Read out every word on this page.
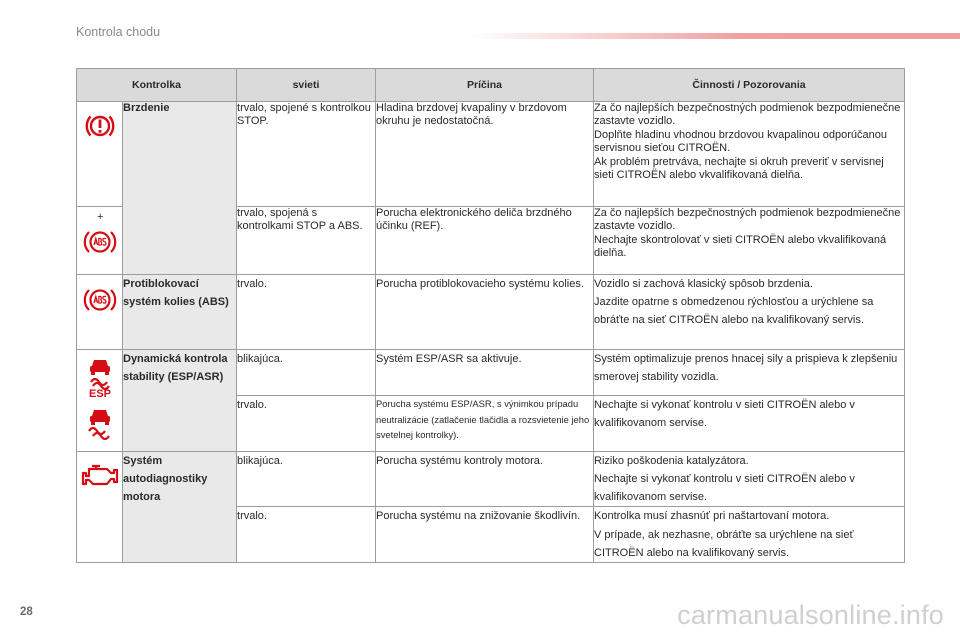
Kontrola chodu
Kontrolka		svieti	Príčina	Činnosti / Pozorovania

	Brzdenie	trvalo, spojené s kontrolkou STOP.	Hladina brzdovej kvapaliny v brzdovom okruhu je nedostatočná.	Za čo najlepších bezpečnostných podmienok bezpodmienečne zastavte vozidlo.
Doplňte hladinu vhodnou brzdovou kvapalinou odporúčanou servisnou sieťou CITROËN.
Ak problém pretrváva, nechajte si okruh preveriť v servisnej sieti CITROËN alebo vkvalifikovaná dielňa.

+		trvalo, spojená s kontrolkami STOP a ABS.	Porucha elektronického deliča brzdného účinku (REF).	Za čo najlepších bezpečnostných podmienok bezpodmienečne zastavte vozidlo.
Nechajte skontrolovať v sieti CITROËN alebo vkvalifikovaná dielňa.

	Protiblokovací systém kolies (ABS)	trvalo.	Porucha protiblokovacieho systému kolies.	Vozidlo si zachová klasický spôsob brzdenia.
Jazdite opatrne s obmedzenou rýchlosťou a urýchlene sa obráťte na sieť CITROËN alebo na kvalifikovaný servis.

ESP	Dynamická kontrola stability (ESP/ASR)	blikajúca.	Systém ESP/ASR sa aktivuje.	Systém optimalizuje prenos hnacej sily a prispieva k zlepšeniu smerovej stability vozidla.
		trvalo.	Porucha systému ESP/ASR, s výnimkou prípadu neutralizácie (zatlačenie tlačidla a rozsvietenie jeho svetelnej kontrolky).	Nechajte si vykonať kontrolu v sieti CITROËN alebo v kvalifikovanom servise.

	Systém autodiagnostiky motora	blikajúca.	Porucha systému kontroly motora.	Riziko poškodenia katalyzátora.
Nechajte si vykonať kontrolu v sieti CITROËN alebo v kvalifikovanom servise.
		trvalo.	Porucha systému na znižovanie škodlivín.	Kontrolka musí zhasnúť pri naštartovaní motora.
V prípade, ak nezhasne, obráťte sa urýchlene na sieť CITROËN alebo na kvalifikovaný servis.
28	carmanualsonline.info
